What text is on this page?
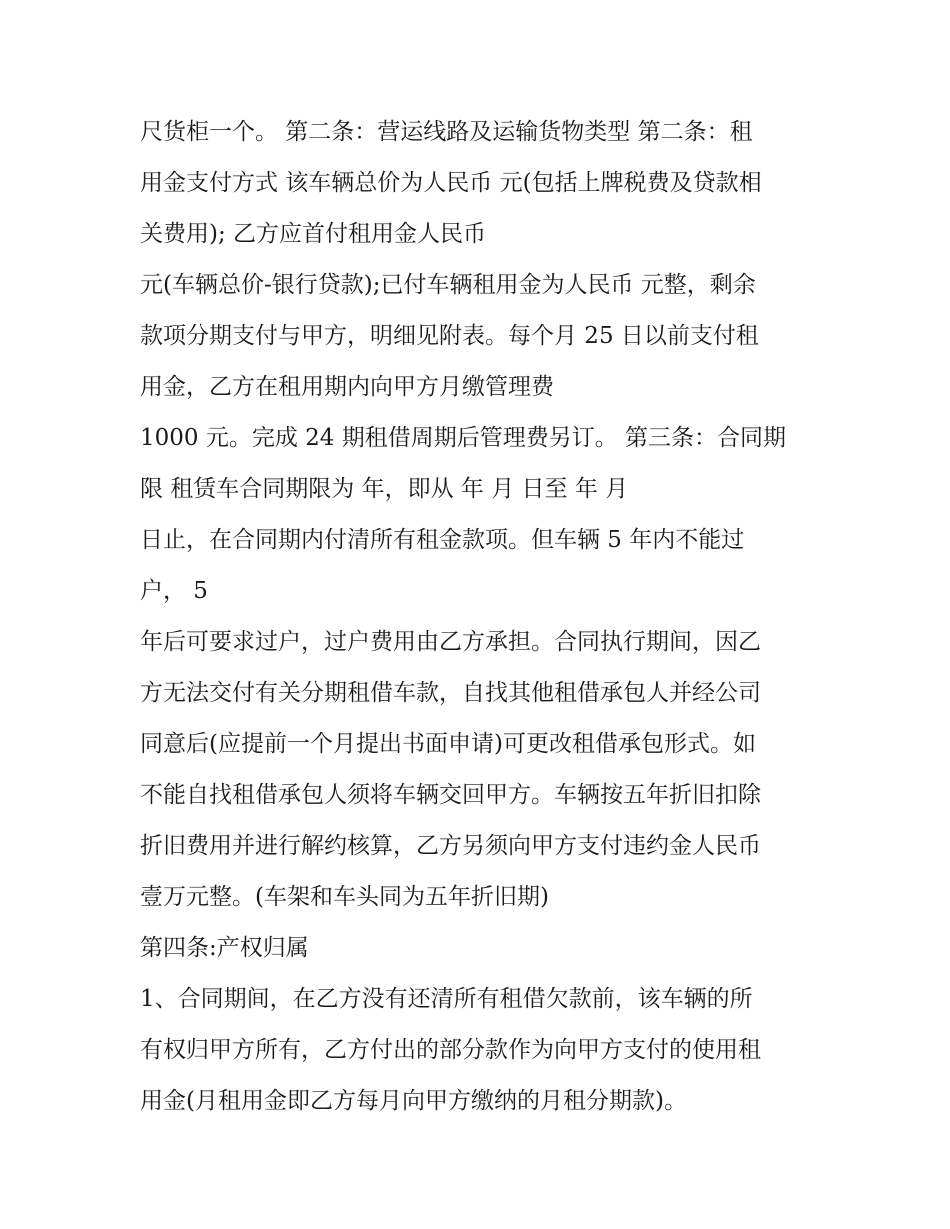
尺货柜一个。 第二条：营运线路及运输货物类型 第二条：租
用金支付方式 该车辆总价为人民币 元(包括上牌税费及贷款相
关费用); 乙方应首付租用金人民币
元(车辆总价-银行贷款);已付车辆租用金为人民币 元整，剩余
款项分期支付与甲方，明细见附表。每个月 25 日以前支付租
用金，乙方在租用期内向甲方月缴管理费
1000 元。完成 24 期租借周期后管理费另订。 第三条：合同期
限 租赁车合同期限为 年，即从 年 月 日至 年 月
日止，在合同期内付清所有租金款项。但车辆 5 年内不能过
户， 5
年后可要求过户，过户费用由乙方承担。合同执行期间，因乙
方无法交付有关分期租借车款，自找其他租借承包人并经公司
同意后(应提前一个月提出书面申请)可更改租借承包形式。如
不能自找租借承包人须将车辆交回甲方。车辆按五年折旧扣除
折旧费用并进行解约核算，乙方另须向甲方支付违约金人民币
壹万元整。(车架和车头同为五年折旧期)
第四条:产权归属
1、合同期间，在乙方没有还清所有租借欠款前，该车辆的所
有权归甲方所有，乙方付出的部分款作为向甲方支付的使用租
用金(月租用金即乙方每月向甲方缴纳的月租分期款)。
